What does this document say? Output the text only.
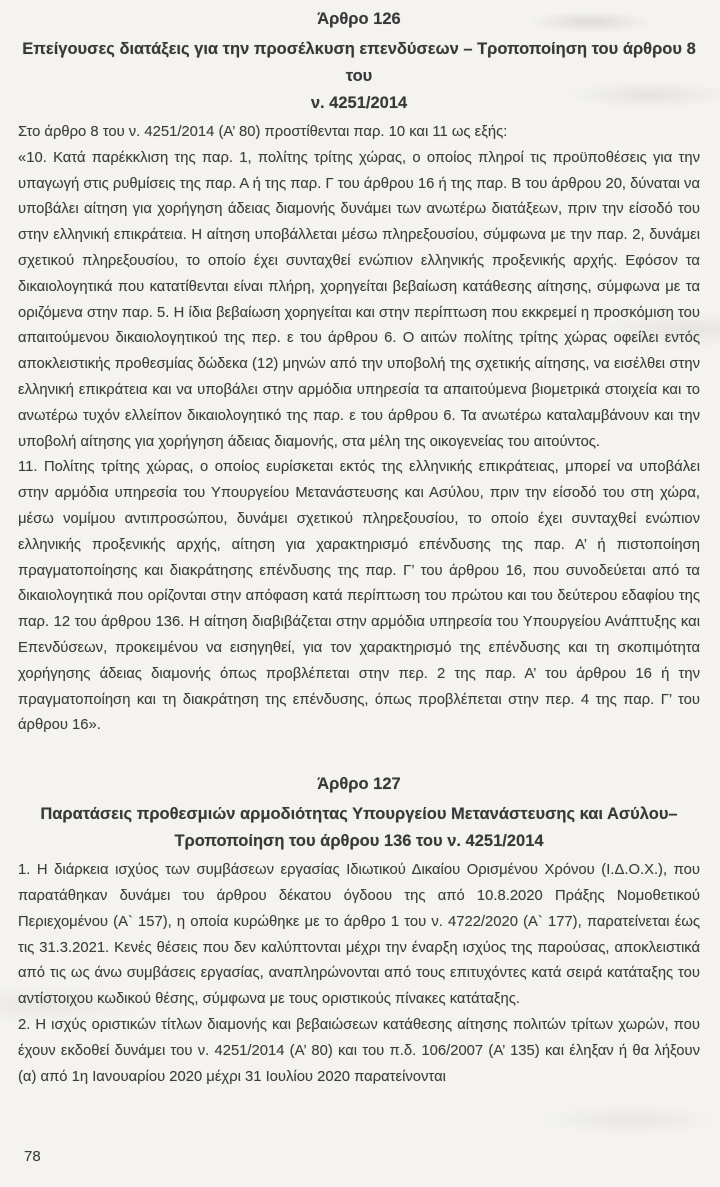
Άρθρο 126
Επείγουσες διατάξεις για την προσέλκυση επενδύσεων – Τροποποίηση του άρθρου 8 του
ν. 4251/2014

Στο άρθρο 8 του ν. 4251/2014 (Α’ 80) προστίθενται παρ. 10 και 11 ως εξής:

«10. Κατά παρέκκλιση της παρ. 1, πολίτης τρίτης χώρας, ο οποίος πληροί τις προϋποθέσεις για την υπαγωγή στις ρυθμίσεις της παρ. Α ή της παρ. Γ του άρθρου 16 ή της παρ. Β του άρθρου 20, δύναται να υποβάλει αίτηση για χορήγηση άδειας διαμονής δυνάμει των ανωτέρω διατάξεων, πριν την είσοδό του στην ελληνική επικράτεια. Η αίτηση υποβάλλεται μέσω πληρεξουσίου, σύμφωνα με την παρ. 2, δυνάμει σχετικού πληρεξουσίου, το οποίο έχει συνταχθεί ενώπιον ελληνικής προξενικής αρχής. Εφόσον τα δικαιολογητικά που κατατίθενται είναι πλήρη, χορηγείται βεβαίωση κατάθεσης αίτησης, σύμφωνα με τα οριζόμενα στην παρ. 5. Η ίδια βεβαίωση χορηγείται και στην περίπτωση που εκκρεμεί η προσκόμιση του απαιτούμενου δικαιολογητικού της περ. ε του άρθρου 6. Ο αιτών πολίτης τρίτης χώρας οφείλει εντός αποκλειστικής προθεσμίας δώδεκα (12) μηνών από την υποβολή της σχετικής αίτησης, να εισέλθει στην ελληνική επικράτεια και να υποβάλει στην αρμόδια υπηρεσία τα απαιτούμενα βιομετρικά στοιχεία και το ανωτέρω τυχόν ελλείπον δικαιολογητικό της παρ. ε του άρθρου 6. Τα ανωτέρω καταλαμβάνουν και την υποβολή αίτησης για χορήγηση άδειας διαμονής, στα μέλη της οικογενείας του αιτούντος.

11. Πολίτης τρίτης χώρας, ο οποίος ευρίσκεται εκτός της ελληνικής επικράτειας, μπορεί να υποβάλει στην αρμόδια υπηρεσία του Υπουργείου Μετανάστευσης και Ασύλου, πριν την είσοδό του στη χώρα, μέσω νομίμου αντιπροσώπου, δυνάμει σχετικού πληρεξουσίου, το οποίο έχει συνταχθεί ενώπιον ελληνικής προξενικής αρχής, αίτηση για χαρακτηρισμό επένδυσης της παρ. Α’ ή πιστοποίηση πραγματοποίησης και διακράτησης επένδυσης της παρ. Γ’ του άρθρου 16, που συνοδεύεται από τα δικαιολογητικά που ορίζονται στην απόφαση κατά περίπτωση του πρώτου και του δεύτερου εδαφίου της παρ. 12 του άρθρου 136. Η αίτηση διαβιβάζεται στην αρμόδια υπηρεσία του Υπουργείου Ανάπτυξης και Επενδύσεων, προκειμένου να εισηγηθεί, για τον χαρακτηρισμό της επένδυσης και τη σκοπιμότητα χορήγησης άδειας διαμονής όπως προβλέπεται στην περ. 2 της παρ. Α’ του άρθρου 16 ή την πραγματοποίηση και τη διακράτηση της επένδυσης, όπως προβλέπεται στην περ. 4 της παρ. Γ’ του άρθρου 16».

Άρθρο 127
Παρατάσεις προθεσμιών αρμοδιότητας Υπουργείου Μετανάστευσης και Ασύλου–
Τροποποίηση του άρθρου 136 του ν. 4251/2014

1. Η διάρκεια ισχύος των συμβάσεων εργασίας Ιδιωτικού Δικαίου Ορισμένου Χρόνου (Ι.Δ.Ο.Χ.), που παρατάθηκαν δυνάμει του άρθρου δέκατου όγδοου της από 10.8.2020 Πράξης Νομοθετικού Περιεχομένου (Α` 157), η οποία κυρώθηκε με το άρθρο 1 του ν. 4722/2020 (Α` 177), παρατείνεται έως τις 31.3.2021. Κενές θέσεις που δεν καλύπτονται μέχρι την έναρξη ισχύος της παρούσας, αποκλειστικά από τις ως άνω συμβάσεις εργασίας, αναπληρώνονται από τους επιτυχόντες κατά σειρά κατάταξης του αντίστοιχου κωδικού θέσης, σύμφωνα με τους οριστικούς πίνακες κατάταξης.

2. Η ισχύς οριστικών τίτλων διαμονής και βεβαιώσεων κατάθεσης αίτησης πολιτών τρίτων χωρών, που έχουν εκδοθεί δυνάμει του ν. 4251/2014 (Α’ 80) και του π.δ. 106/2007 (Α’ 135) και έληξαν ή θα λήξουν (α) από 1η Ιανουαρίου 2020 μέχρι 31 Ιουλίου 2020 παρατείνονται

78
